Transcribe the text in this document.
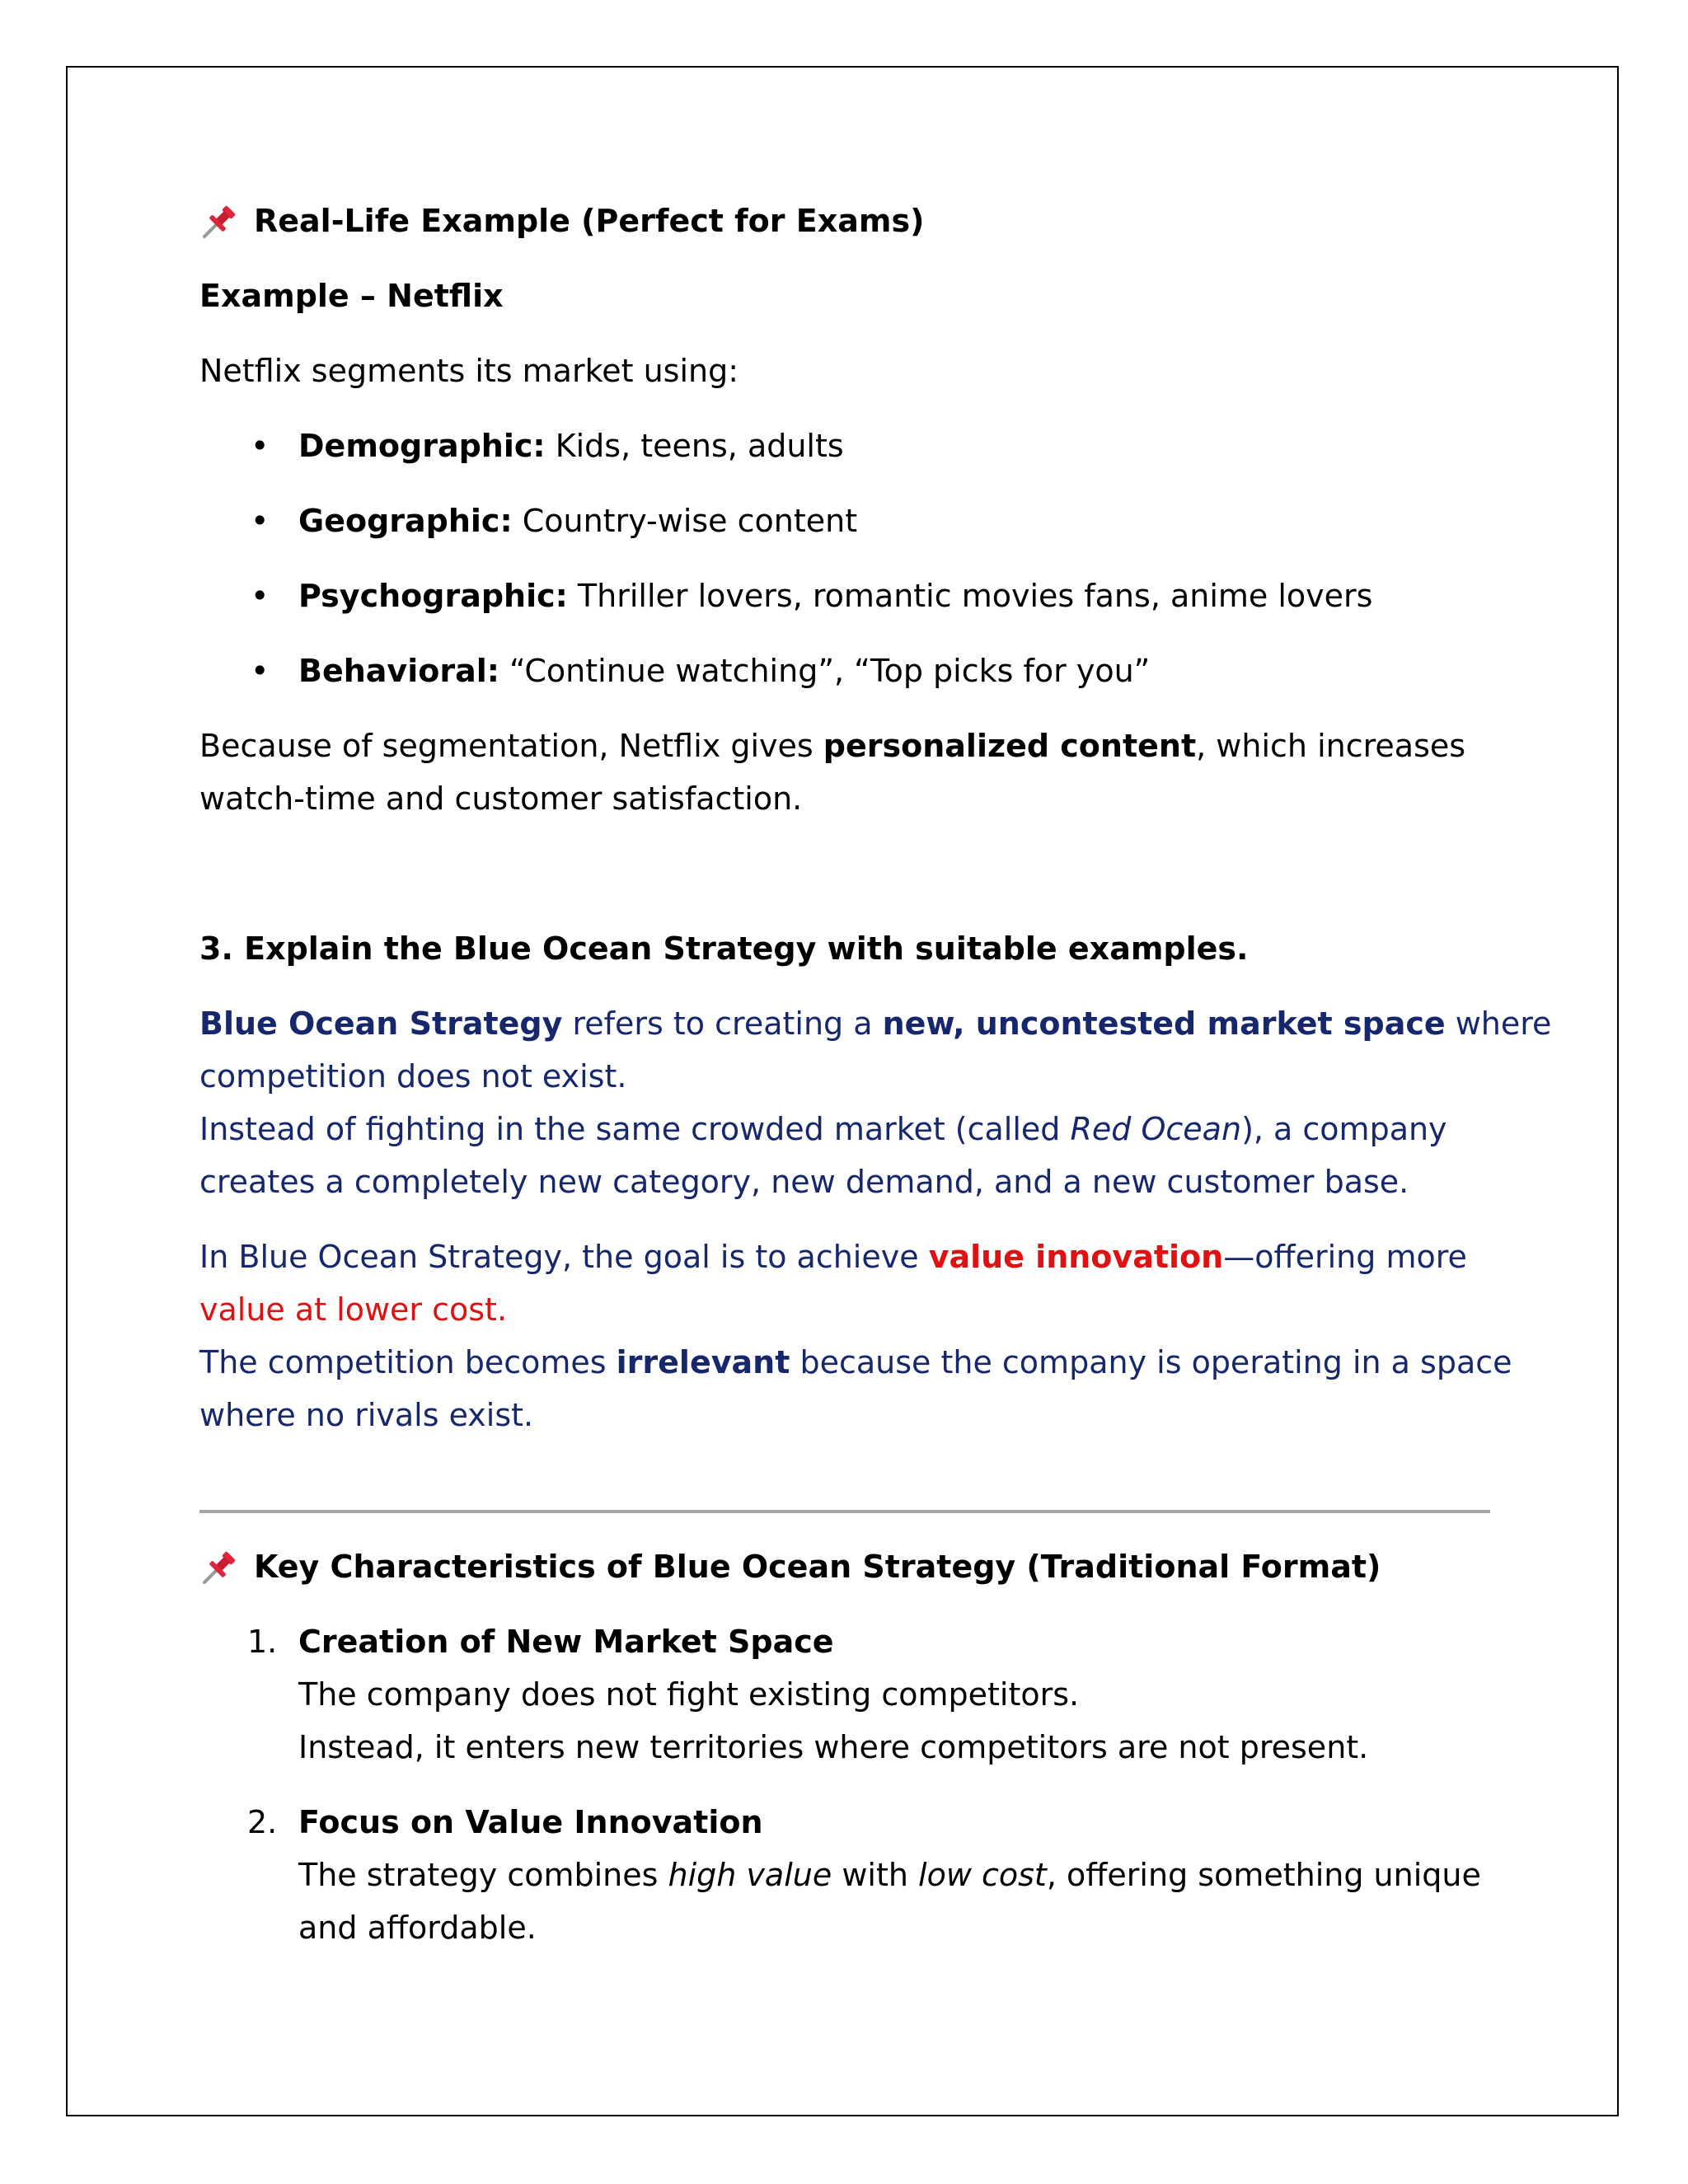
Real-Life Example (Perfect for Exams)
Example – Netflix
Netflix segments its market using:
• Demographic: Kids, teens, adults
• Geographic: Country-wise content
• Psychographic: Thriller lovers, romantic movies fans, anime lovers
• Behavioral: “Continue watching”, “Top picks for you”
Because of segmentation, Netflix gives personalized content, which increases
watch-time and customer satisfaction.
3. Explain the Blue Ocean Strategy with suitable examples.
Blue Ocean Strategy refers to creating a new, uncontested market space where
competition does not exist.
Instead of fighting in the same crowded market (called Red Ocean), a company
creates a completely new category, new demand, and a new customer base.
In Blue Ocean Strategy, the goal is to achieve value innovation—offering more
value at lower cost.
The competition becomes irrelevant because the company is operating in a space
where no rivals exist.
Key Characteristics of Blue Ocean Strategy (Traditional Format)
1. Creation of New Market Space
The company does not fight existing competitors.
Instead, it enters new territories where competitors are not present.
2. Focus on Value Innovation
The strategy combines high value with low cost, offering something unique
and affordable.
